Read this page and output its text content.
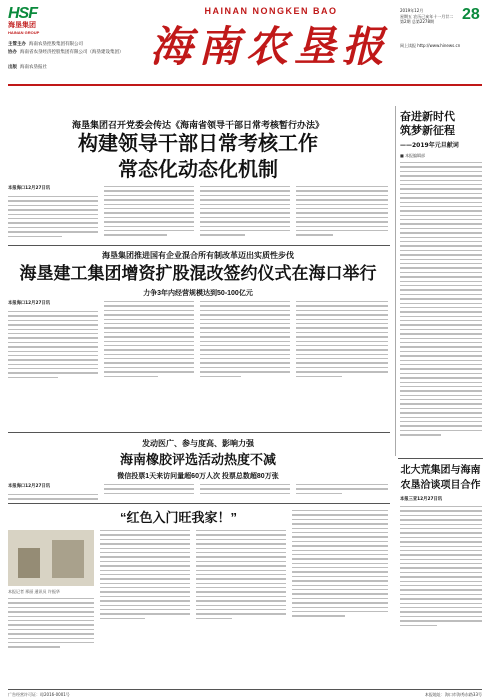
HSF
海垦集团
HAINAN GROUP
主管主办 海南农垦控股集团有限公司
协办 海南省农垦经济控股集团有限公司（海垦建设集团）
出版 海南农垦报社
HAINAN NONGKEN BAO
海南农垦报
2019年12月
星期五 农历己亥年十一月廿二
第2期 总第2278期
网上读报 http://www.hinews.cn
28
海垦集团召开党委会传达《海南省领导干部日常考核暂行办法》
构建领导干部日常考核工作
常态化动态化机制
本报海口12月27日讯
海垦集团推进国有企业混合所有制改革迈出实质性步伐
海垦建工集团增资扩股混改签约仪式在海口举行
力争3年内经营规模达到50-100亿元
本报海口12月27日讯
发动医广、参与度高、影响力强
海南橡胶评选活动热度不减
微信投票1天来访问量超60万人次 投票总数超80万张
本报海口12月27日讯
“红色入门旺我家！”
本报记者 邢丽 通讯员 许振华
奋进新时代
筑梦新征程
——2019年元旦献词
■ 本报编辑部
北大荒集团与海南
农垦洽谈项目合作
本报三亚12月27日讯
广告经营许可证：琼2016-0001号	本报地址：海口市海秀东路33号
